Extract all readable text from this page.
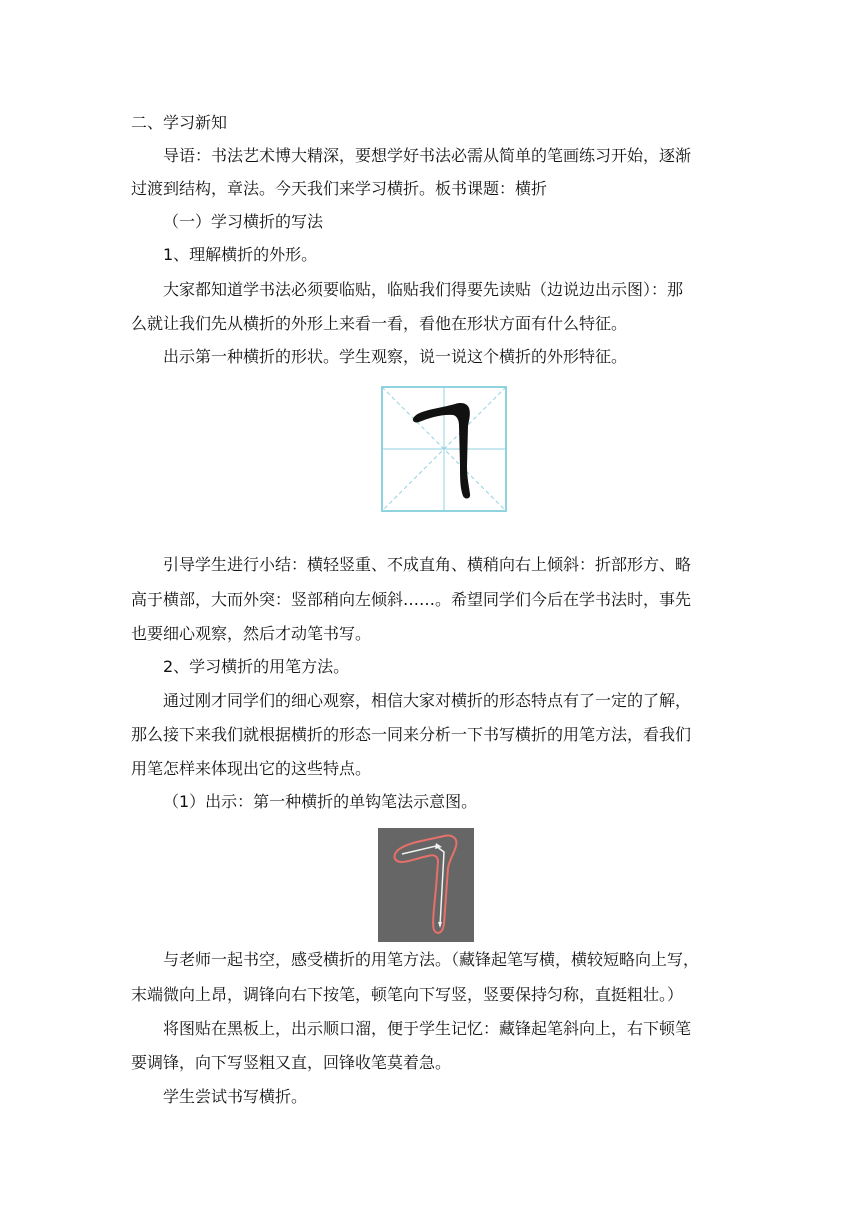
二、学习新知
导语：书法艺术博大精深，要想学好书法必需从简单的笔画练习开始，逐渐
过渡到结构，章法。今天我们来学习横折。板书课题：横折
（一）学习横折的写法
1、理解横折的外形。
大家都知道学书法必须要临贴，临贴我们得要先读贴（边说边出示图）：那
么就让我们先从横折的外形上来看一看，看他在形状方面有什么特征。
出示第一种横折的形状。学生观察，说一说这个横折的外形特征。
引导学生进行小结：横轻竖重、不成直角、横稍向右上倾斜：折部形方、略
高于横部，大而外突：竖部稍向左倾斜……。希望同学们今后在学书法时，事先
也要细心观察，然后才动笔书写。
2、学习横折的用笔方法。
通过刚才同学们的细心观察，相信大家对横折的形态特点有了一定的了解，
那么接下来我们就根据横折的形态一同来分析一下书写横折的用笔方法，看我们
用笔怎样来体现出它的这些特点。
（1）出示：第一种横折的单钩笔法示意图。
与老师一起书空，感受横折的用笔方法。（藏锋起笔写横，横较短略向上写，
末端微向上昂，调锋向右下按笔，顿笔向下写竖，竖要保持匀称，直挺粗壮。）
将图贴在黑板上，出示顺口溜，便于学生记忆：藏锋起笔斜向上，右下顿笔
要调锋，向下写竖粗又直，回锋收笔莫着急。
学生尝试书写横折。
